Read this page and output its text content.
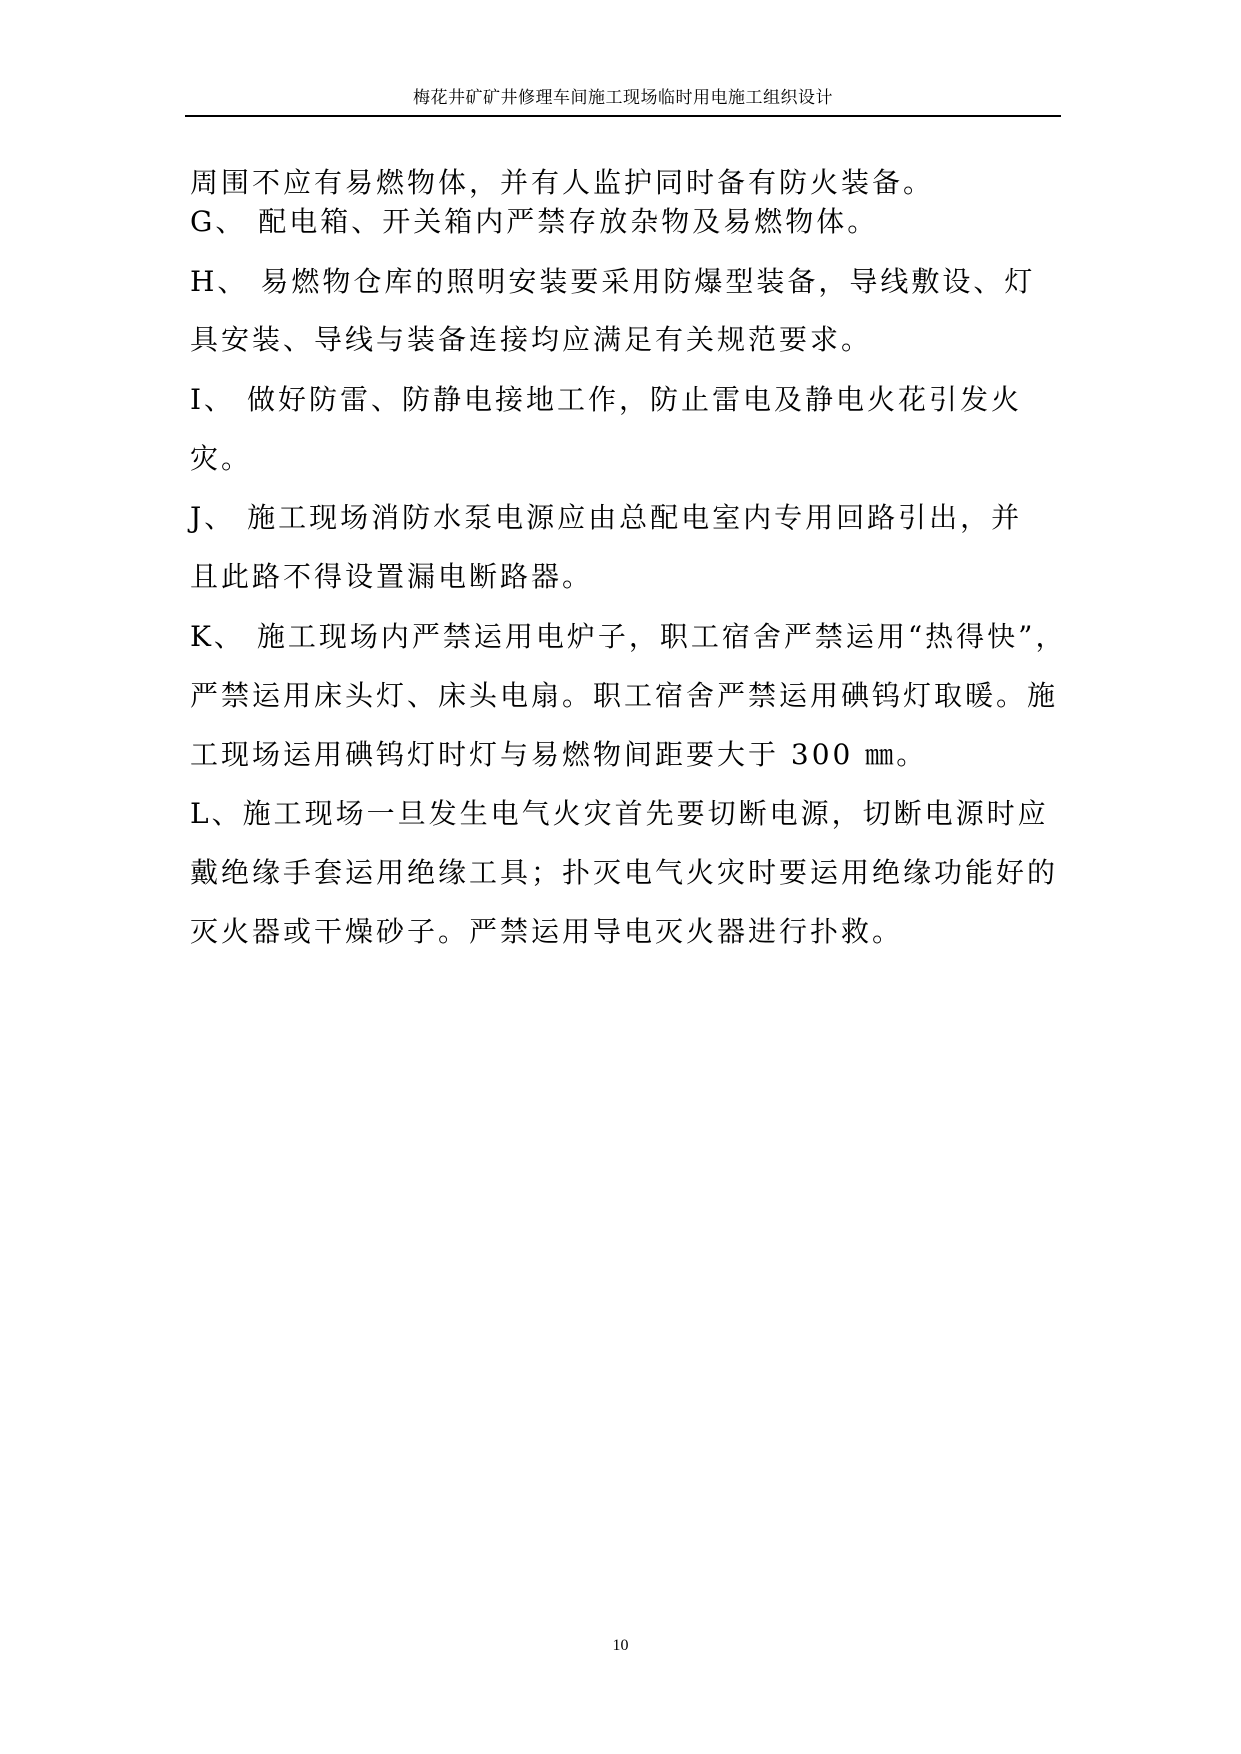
梅花井矿矿井修理车间施工现场临时用电施工组织设计
周围不应有易燃物体，并有人监护同时备有防火装备。
G、 配电箱、开关箱内严禁存放杂物及易燃物体。
H、 易燃物仓库的照明安装要采用防爆型装备，导线敷设、灯
具安装、导线与装备连接均应满足有关规范要求。
I、 做好防雷、防静电接地工作，防止雷电及静电火花引发火
灾。
J、 施工现场消防水泵电源应由总配电室内专用回路引出，并
且此路不得设置漏电断路器。
K、 施工现场内严禁运用电炉子，职工宿舍严禁运用“热得快”，
严禁运用床头灯、床头电扇。职工宿舍严禁运用碘钨灯取暖。施
工现场运用碘钨灯时灯与易燃物间距要大于 300 ㎜。
L、施工现场一旦发生电气火灾首先要切断电源，切断电源时应
戴绝缘手套运用绝缘工具；扑灭电气火灾时要运用绝缘功能好的
灭火器或干燥砂子。严禁运用导电灭火器进行扑救。
10
